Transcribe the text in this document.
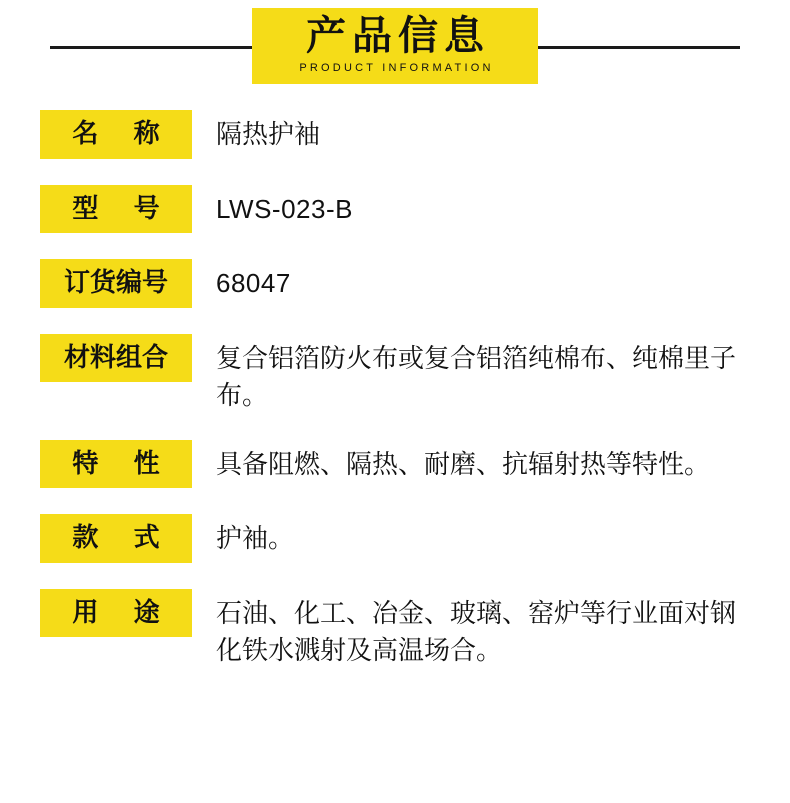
产品信息
PRODUCT INFORMATION
名 称	隔热护袖
型 号	LWS-023-B
订货编号	68047
材料组合	复合铝箔防火布或复合铝箔纯棉布、纯棉里子布。
特 性	具备阻燃、隔热、耐磨、抗辐射热等特性。
款 式	护袖。
用 途	石油、化工、冶金、玻璃、窑炉等行业面对钢化铁水溅射及高温场合。
